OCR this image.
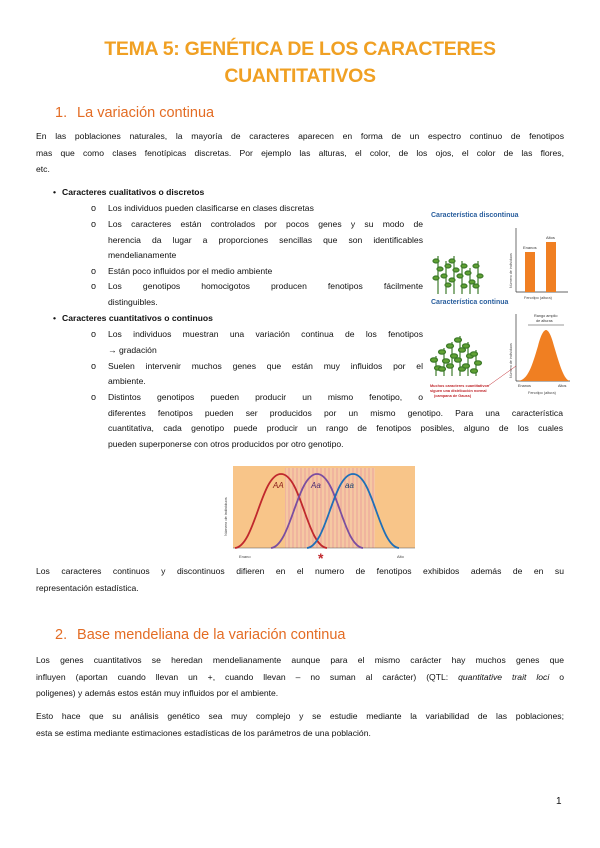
TEMA 5: GENÉTICA DE LOS CARACTERES
CUANTITATIVOS
1. La variación continua
En las poblaciones naturales, la mayoría de caracteres aparecen en forma de un espectro continuo de fenotipos
mas que como clases fenotípicas discretas. Por ejemplo las alturas, el color, de los ojos, el color de las flores,
etc.
• Caracteres cualitativos o discretos
o Los individuos pueden clasificarse en clases discretas
o Los caracteres están controlados por pocos genes y su modo de
herencia da lugar a proporciones sencillas que son identificables
mendelianamente
o Están poco influidos por el medio ambiente
o Los genotipos homocigotos producen fenotipos fácilmente
distinguibles.
• Caracteres cuantitativos o continuos
o Los individuos muestran una variación continua de los fenotipos
→ gradación
o Suelen intervenir muchos genes que están muy influidos por el
ambiente.
o Distintos genotipos pueden producir un mismo fenotipo, o
diferentes fenotipos pueden ser producidos por un mismo genotipo. Para una característica
cuantitativa, cada genotipo puede producir un rango de fenotipos posibles, alguno de los cuales
pueden superponerse con otros producidos por otro genotipo.
Característica discontinua
Número de individuos
Enanos
Altos
Fenotipo (altura)
Característica continua
Número de individuos
Rango amplio
de alturas
Muchos caracteres cuantitativos
siguen una distribución normal
(campana de Gauss)
Enanos	Altos
Fenotipo (altura)
Número de individuos
AA	Aa	aa
Enano	Alto
*
Los caracteres continuos y discontinuos difieren en el numero de fenotipos exhibidos además de en su
representación estadística.
2. Base mendeliana de la variación continua
Los genes cuantitativos se heredan mendelianamente aunque para el mismo carácter hay muchos genes que
influyen (aportan cuando llevan un +, cuando llevan – no suman al carácter) (QTL: quantitative trait loci o
poligenes) y además estos están muy influidos por el ambiente.
Esto hace que su análisis genético sea muy complejo y se estudie mediante la variabilidad de las poblaciones;
esta se estima mediante estimaciones estadísticas de los parámetros de una población.
1
